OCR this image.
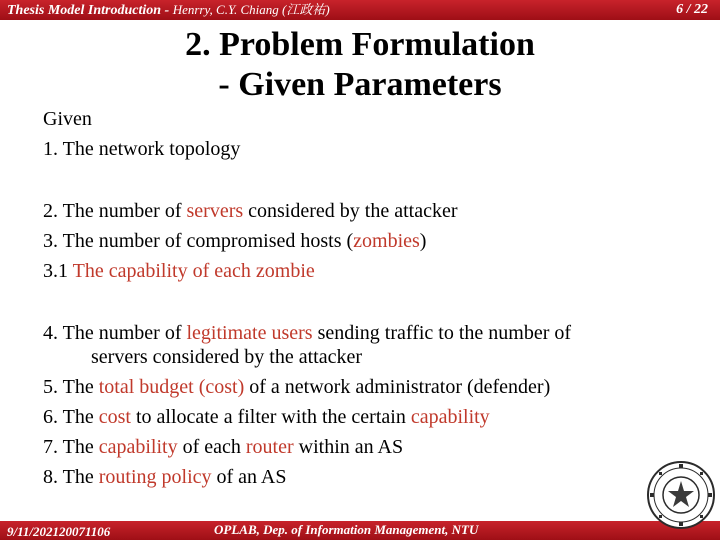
Thesis Model Introduction - Henrry, C.Y. Chiang (江政祐)	6 / 22
2. Problem Formulation
- Given Parameters
Given
1. The network topology
2. The number of servers considered by the attacker
3. The number of compromised hosts (zombies)
3.1 The capability of each zombie
4. The number of legitimate users sending traffic to the number of
servers considered by the attacker
5. The total budget (cost) of a network administrator (defender)
6. The cost to allocate a filter with the certain capability
7. The capability of each router within an AS
8. The routing policy of an AS
9/11/202120071106	OPLAB, Dep. of Information Management, NTU
